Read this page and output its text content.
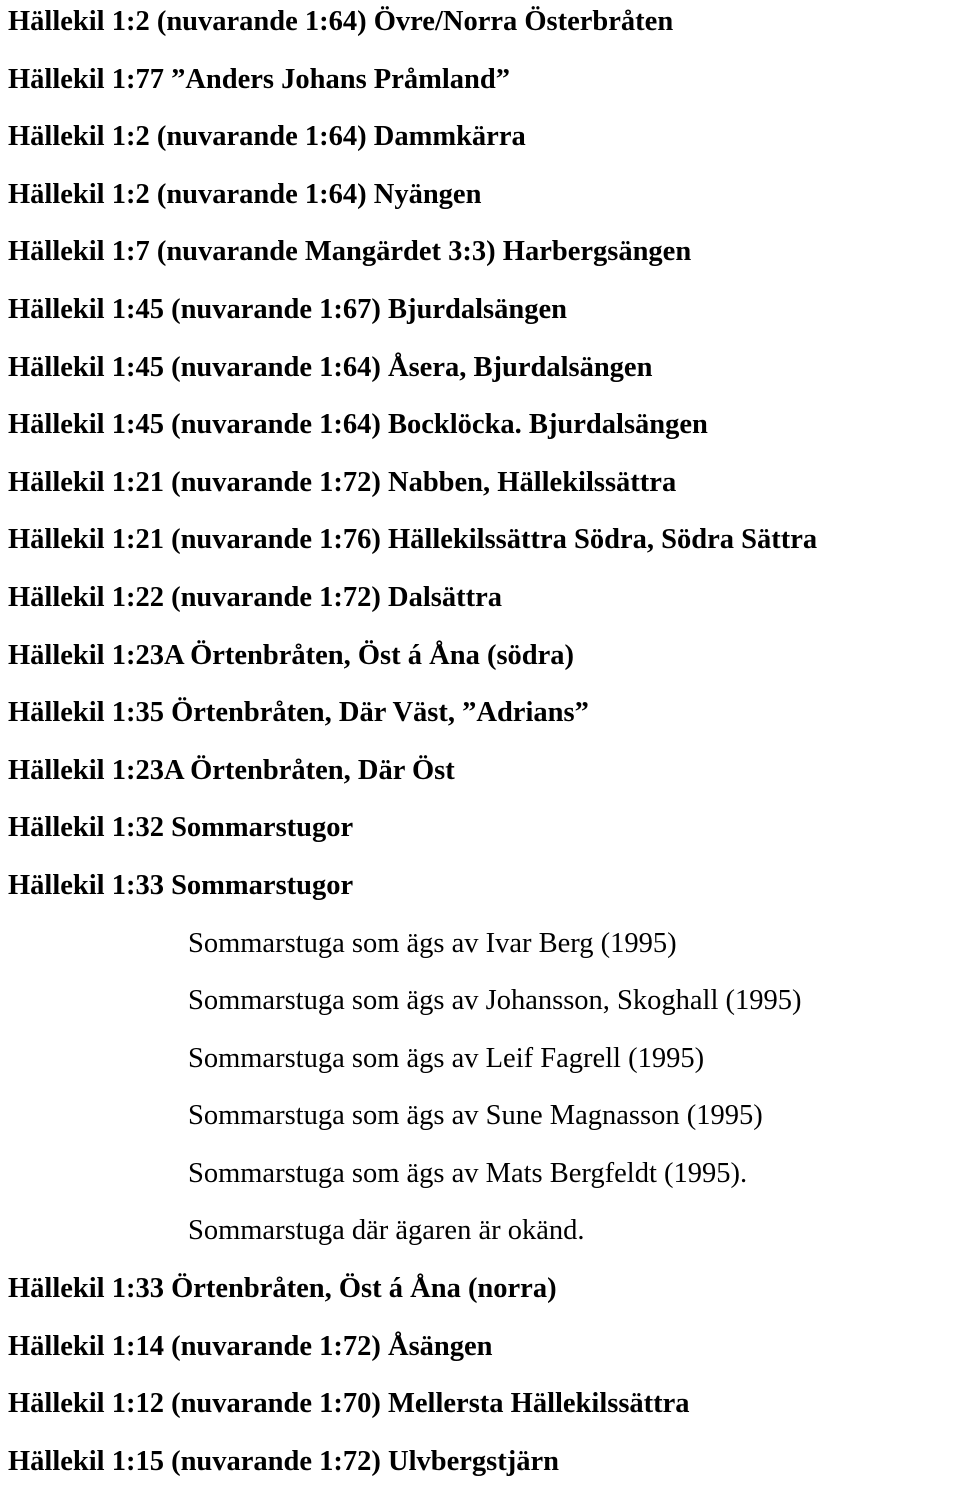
Hällekil 1:2 (nuvarande 1:64) Övre/Norra Österbråten
Hällekil 1:77 ”Anders Johans Pråmland”
Hällekil 1:2 (nuvarande 1:64) Dammkärra
Hällekil 1:2 (nuvarande 1:64) Nyängen
Hällekil 1:7 (nuvarande Mangärdet 3:3) Harbergsängen
Hällekil 1:45 (nuvarande 1:67) Bjurdalsängen
Hällekil 1:45 (nuvarande 1:64) Åsera, Bjurdalsängen
Hällekil 1:45 (nuvarande 1:64) Bocklöcka. Bjurdalsängen
Hällekil 1:21 (nuvarande 1:72) Nabben, Hällekilssättra
Hällekil 1:21 (nuvarande 1:76) Hällekilssättra Södra, Södra Sättra
Hällekil 1:22 (nuvarande 1:72) Dalsättra
Hällekil 1:23A Örtenbråten, Öst á Åna (södra)
Hällekil 1:35 Örtenbråten, Där Väst, ”Adrians”
Hällekil 1:23A Örtenbråten, Där Öst
Hällekil 1:32 Sommarstugor
Hällekil 1:33 Sommarstugor
Sommarstuga som ägs av Ivar Berg (1995)
Sommarstuga som ägs av Johansson, Skoghall (1995)
Sommarstuga som ägs av Leif Fagrell (1995)
Sommarstuga som ägs av Sune Magnasson (1995)
Sommarstuga som ägs av Mats Bergfeldt (1995).
Sommarstuga där ägaren är okänd.
Hällekil 1:33 Örtenbråten, Öst á Åna (norra)
Hällekil 1:14 (nuvarande 1:72) Åsängen
Hällekil 1:12 (nuvarande 1:70) Mellersta Hällekilssättra
Hällekil 1:15 (nuvarande 1:72) Ulvbergstjärn
